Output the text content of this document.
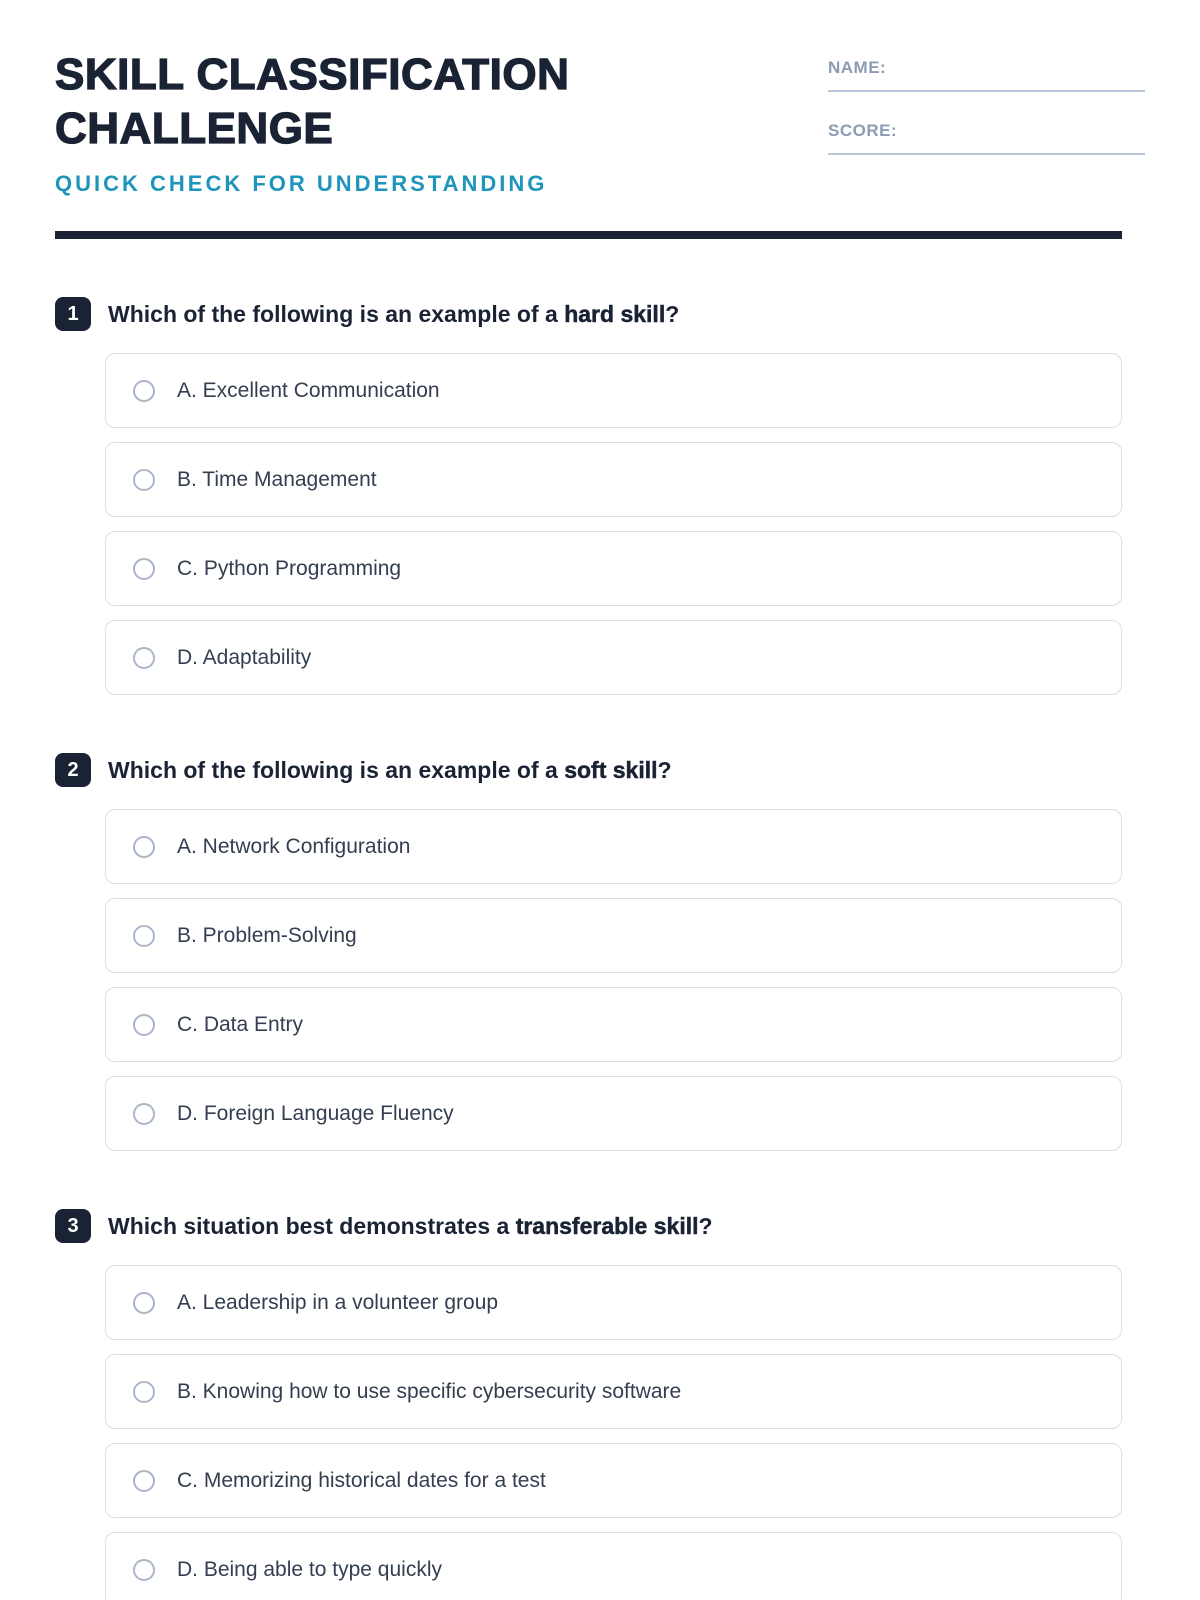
SKILL CLASSIFICATION CHALLENGE
QUICK CHECK FOR UNDERSTANDING
NAME:
SCORE:
1	Which of the following is an example of a hard skill?
A. Excellent Communication
B. Time Management
C. Python Programming
D. Adaptability
2	Which of the following is an example of a soft skill?
A. Network Configuration
B. Problem-Solving
C. Data Entry
D. Foreign Language Fluency
3	Which situation best demonstrates a transferable skill?
A. Leadership in a volunteer group
B. Knowing how to use specific cybersecurity software
C. Memorizing historical dates for a test
D. Being able to type quickly
